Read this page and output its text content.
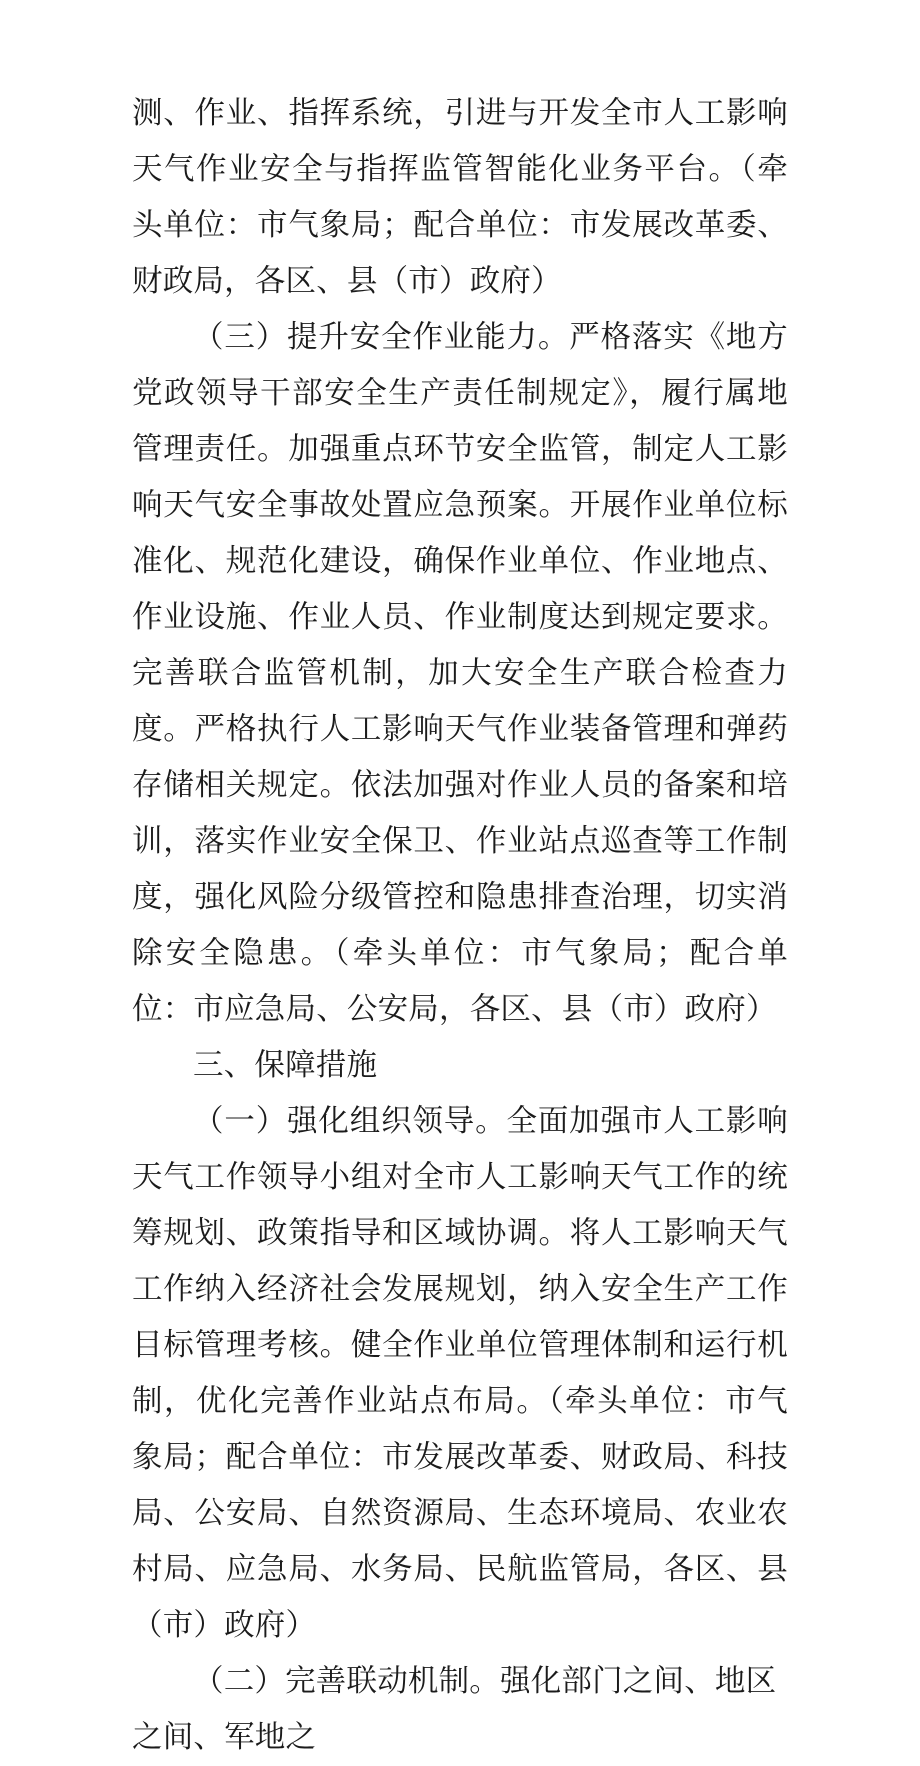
测、作业、指挥系统，引进与开发全市人工影响天气作业安全与指挥监管智能化业务平台。（牵头单位：市气象局；配合单位：市发展改革委、财政局，各区、县（市）政府）

（三）提升安全作业能力。严格落实《地方党政领导干部安全生产责任制规定》，履行属地管理责任。加强重点环节安全监管，制定人工影响天气安全事故处置应急预案。开展作业单位标准化、规范化建设，确保作业单位、作业地点、作业设施、作业人员、作业制度达到规定要求。完善联合监管机制，加大安全生产联合检查力度。严格执行人工影响天气作业装备管理和弹药存储相关规定。依法加强对作业人员的备案和培训，落实作业安全保卫、作业站点巡查等工作制度，强化风险分级管控和隐患排查治理，切实消除安全隐患。（牵头单位：市气象局；配合单位：市应急局、公安局，各区、县（市）政府）

三、保障措施

（一）强化组织领导。全面加强市人工影响天气工作领导小组对全市人工影响天气工作的统筹规划、政策指导和区域协调。将人工影响天气工作纳入经济社会发展规划，纳入安全生产工作目标管理考核。健全作业单位管理体制和运行机制，优化完善作业站点布局。（牵头单位：市气象局；配合单位：市发展改革委、财政局、科技局、公安局、自然资源局、生态环境局、农业农村局、应急局、水务局、民航监管局，各区、县（市）政府）

（二）完善联动机制。强化部门之间、地区之间、军地之
